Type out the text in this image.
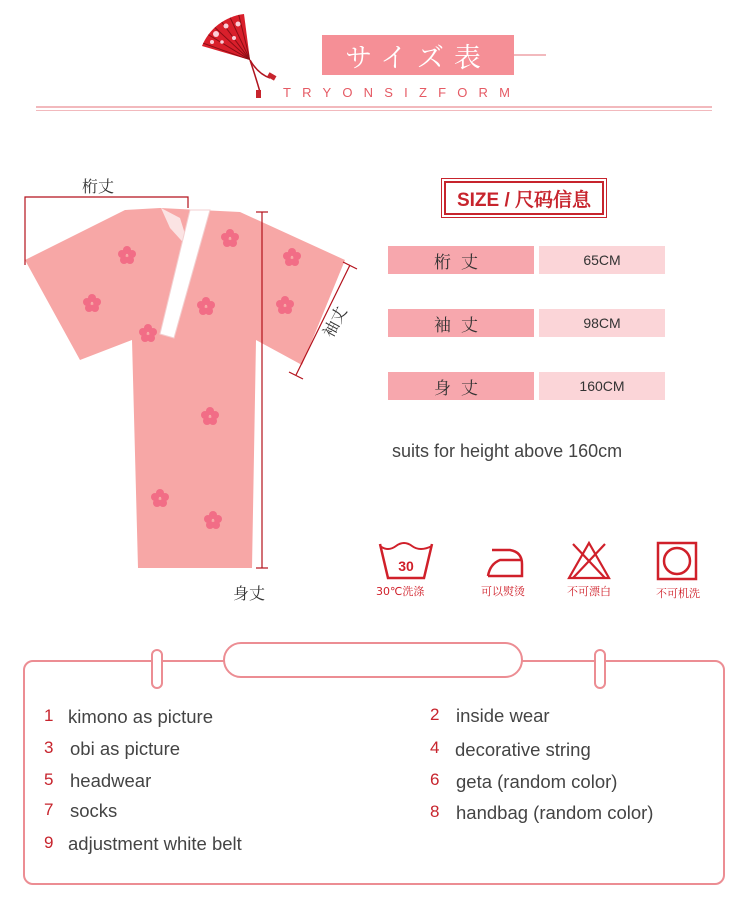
サイズ表
TRYONSIZFORM
桁丈
袖丈
身丈
SIZE / 尺码信息
桁丈	65CM
袖丈	98CM
身丈	160CM
suits for height above 160cm
30
30℃洗涤	可以熨烫	不可漂白	不可机洗
1 kimono as picture
3 obi as picture
5 headwear
7 socks
9 adjustment white belt
2 inside wear
4 decorative string
6 geta (random color)
8 handbag (random color)
